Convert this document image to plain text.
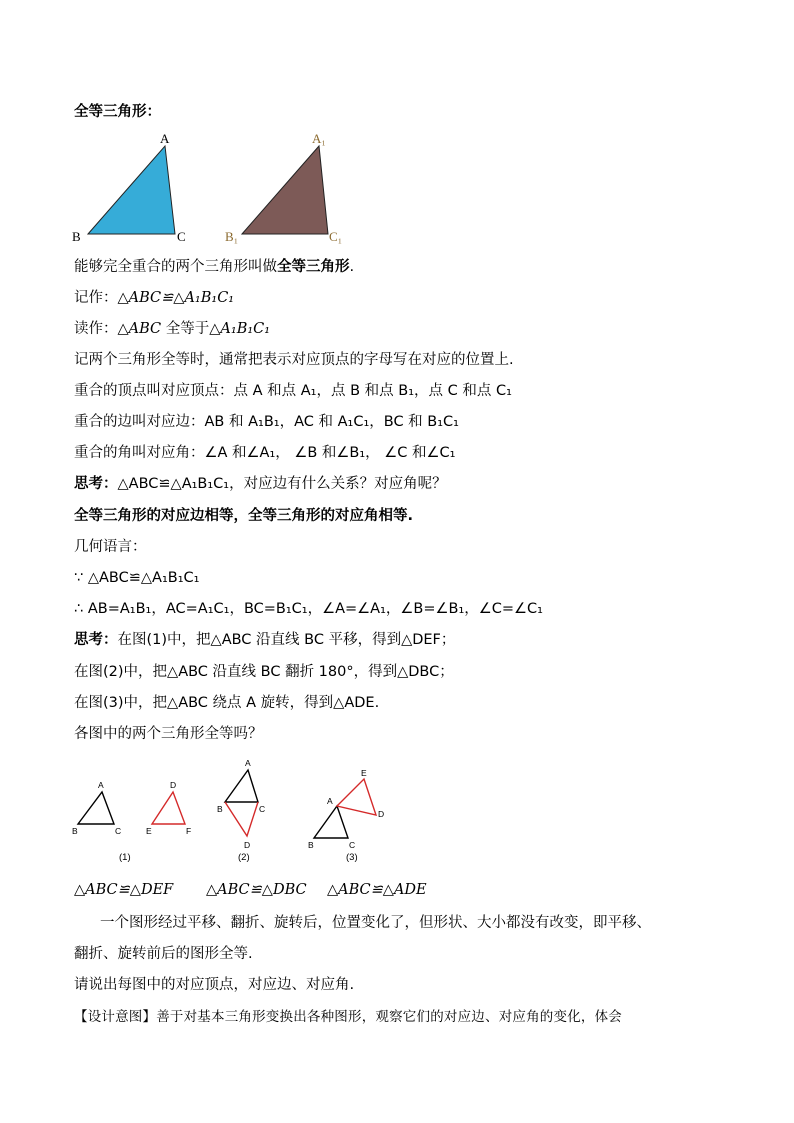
全等三角形：
A
B	C
A₁
B₁	C₁
能够完全重合的两个三角形叫做全等三角形.
记作：△ABC≌△A₁B₁C₁
读作：△ABC 全等于△A₁B₁C₁
记两个三角形全等时，通常把表示对应顶点的字母写在对应的位置上.
重合的顶点叫对应顶点：点 A 和点 A₁，点 B 和点 B₁，点 C 和点 C₁
重合的边叫对应边：AB 和 A₁B₁，AC 和 A₁C₁，BC 和 B₁C₁
重合的角叫对应角：∠A 和∠A₁， ∠B 和∠B₁， ∠C 和∠C₁
思考：△ABC≌△A₁B₁C₁，对应边有什么关系？对应角呢？
全等三角形的对应边相等，全等三角形的对应角相等.
几何语言：
∵ △ABC≌△A₁B₁C₁
∴ AB=A₁B₁，AC=A₁C₁，BC=B₁C₁，∠A=∠A₁，∠B=∠B₁，∠C=∠C₁
思考：在图(1)中，把△ABC 沿直线 BC 平移，得到△DEF；
在图(2)中，把△ABC 沿直线 BC 翻折 180°，得到△DBC；
在图(3)中，把△ABC 绕点 A 旋转，得到△ADE.
各图中的两个三角形全等吗？
A
B	C
D
E	F
(1)
A
B	C
D
(2)
A
B	C
D
E
(3)
△ABC≌△DEF △ABC≌△DBC △ABC≌△ADE
一个图形经过平移、翻折、旋转后，位置变化了，但形状、大小都没有改变，即平移、
翻折、旋转前后的图形全等.
请说出每图中的对应顶点，对应边、对应角.
【设计意图】善于对基本三角形变换出各种图形，观察它们的对应边、对应角的变化，体会
